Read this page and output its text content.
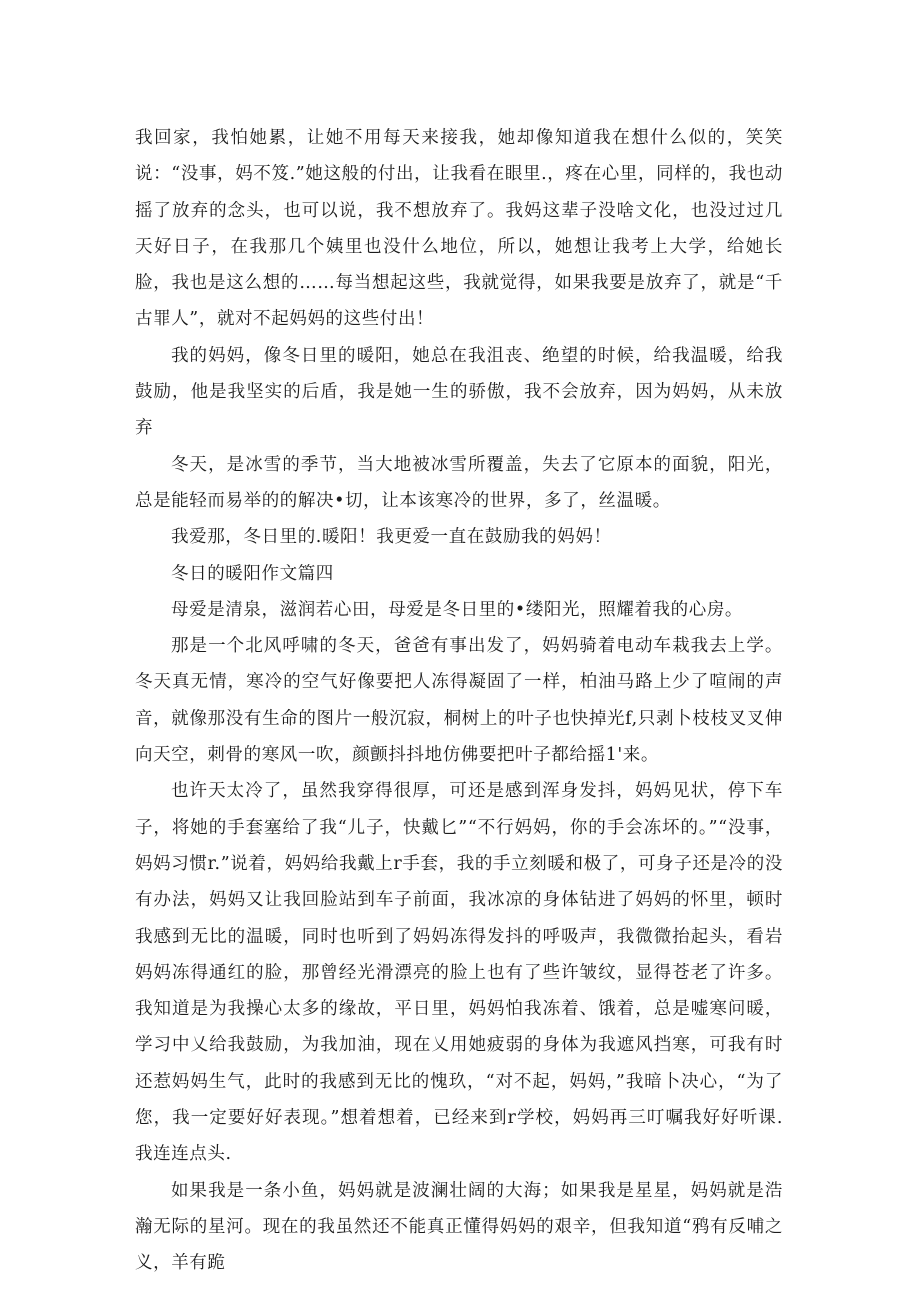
我回家，我怕她累，让她不用每天来接我，她却像知道我在想什么似的，笑笑说：“没事，妈不笈.”她这般的付出，让我看在眼里.，疼在心里，同样的，我也动摇了放弃的念头，也可以说，我不想放弃了。我妈这辈子没啥文化，也没过过几天好日子，在我那几个姨里也没什么地位，所以，她想让我考上大学，给她长脸，我也是这么想的……每当想起这些，我就觉得，如果我要是放弃了，就是“千古罪人”，就对不起妈妈的这些付出！

我的妈妈，像冬日里的暖阳，她总在我沮丧、绝望的时候，给我温暖，给我鼓励，他是我坚实的后盾，我是她一生的骄傲，我不会放弃，因为妈妈，从未放弃

冬天，是冰雪的季节，当大地被冰雪所覆盖，失去了它原本的面貌，阳光，总是能轻而易举的的解决•切，让本该寒冷的世界，多了，丝温暖。

我爱那，冬日里的.暖阳！我更爱一直在鼓励我的妈妈！

冬日的暖阳作文篇四

母爱是清泉，滋润若心田，母爱是冬日里的•缕阳光，照耀着我的心房。

那是一个北风呼啸的冬天，爸爸有事出发了，妈妈骑着电动车栽我去上学。冬天真无情，寒冷的空气好像要把人冻得凝固了一样，柏油马路上少了喧闹的声音，就像那没有生命的图片一般沉寂，桐树上的叶子也快掉光f,只剥卜枝枝叉叉伸向天空，刺骨的寒风一吹，颜颤抖抖地仿佛要把叶子都给摇1'来。

也许天太冷了，虽然我穿得很厚，可还是感到浑身发抖，妈妈见状，停下车子，将她的手套塞给了我“儿子，快戴匕”“不行妈妈，你的手会冻坏的。”“没事，妈妈习惯r.”说着，妈妈给我戴上r手套，我的手立刻暖和极了，可身子还是冷的没有办法，妈妈又让我回脸站到车子前面，我冰凉的身体钻进了妈妈的怀里，顿时我感到无比的温暖，同时也听到了妈妈冻得发抖的呼吸声，我微微抬起头，看岩妈妈冻得通红的脸，那曾经光滑漂亮的脸上也有了些许皱纹，显得苍老了许多。我知道是为我操心太多的缘故，平日里，妈妈怕我冻着、饿着，总是嘘寒问暖，学习中乂给我鼓励，为我加油，现在乂用她疲弱的身体为我遮风挡寒，可我有时还惹妈妈生气，此时的我感到无比的愧玖，“对不起，妈妈，”我暗卜决心，“为了您，我一定要好好表现。”想着想着，已经来到r学校，妈妈再三叮嘱我好好听课.我连连点头.

如果我是一条小鱼，妈妈就是波澜壮阔的大海；如果我是星星，妈妈就是浩瀚无际的星河。现在的我虽然还不能真正懂得妈妈的艰辛，但我知道“鸦有反哺之义，羊有跪
